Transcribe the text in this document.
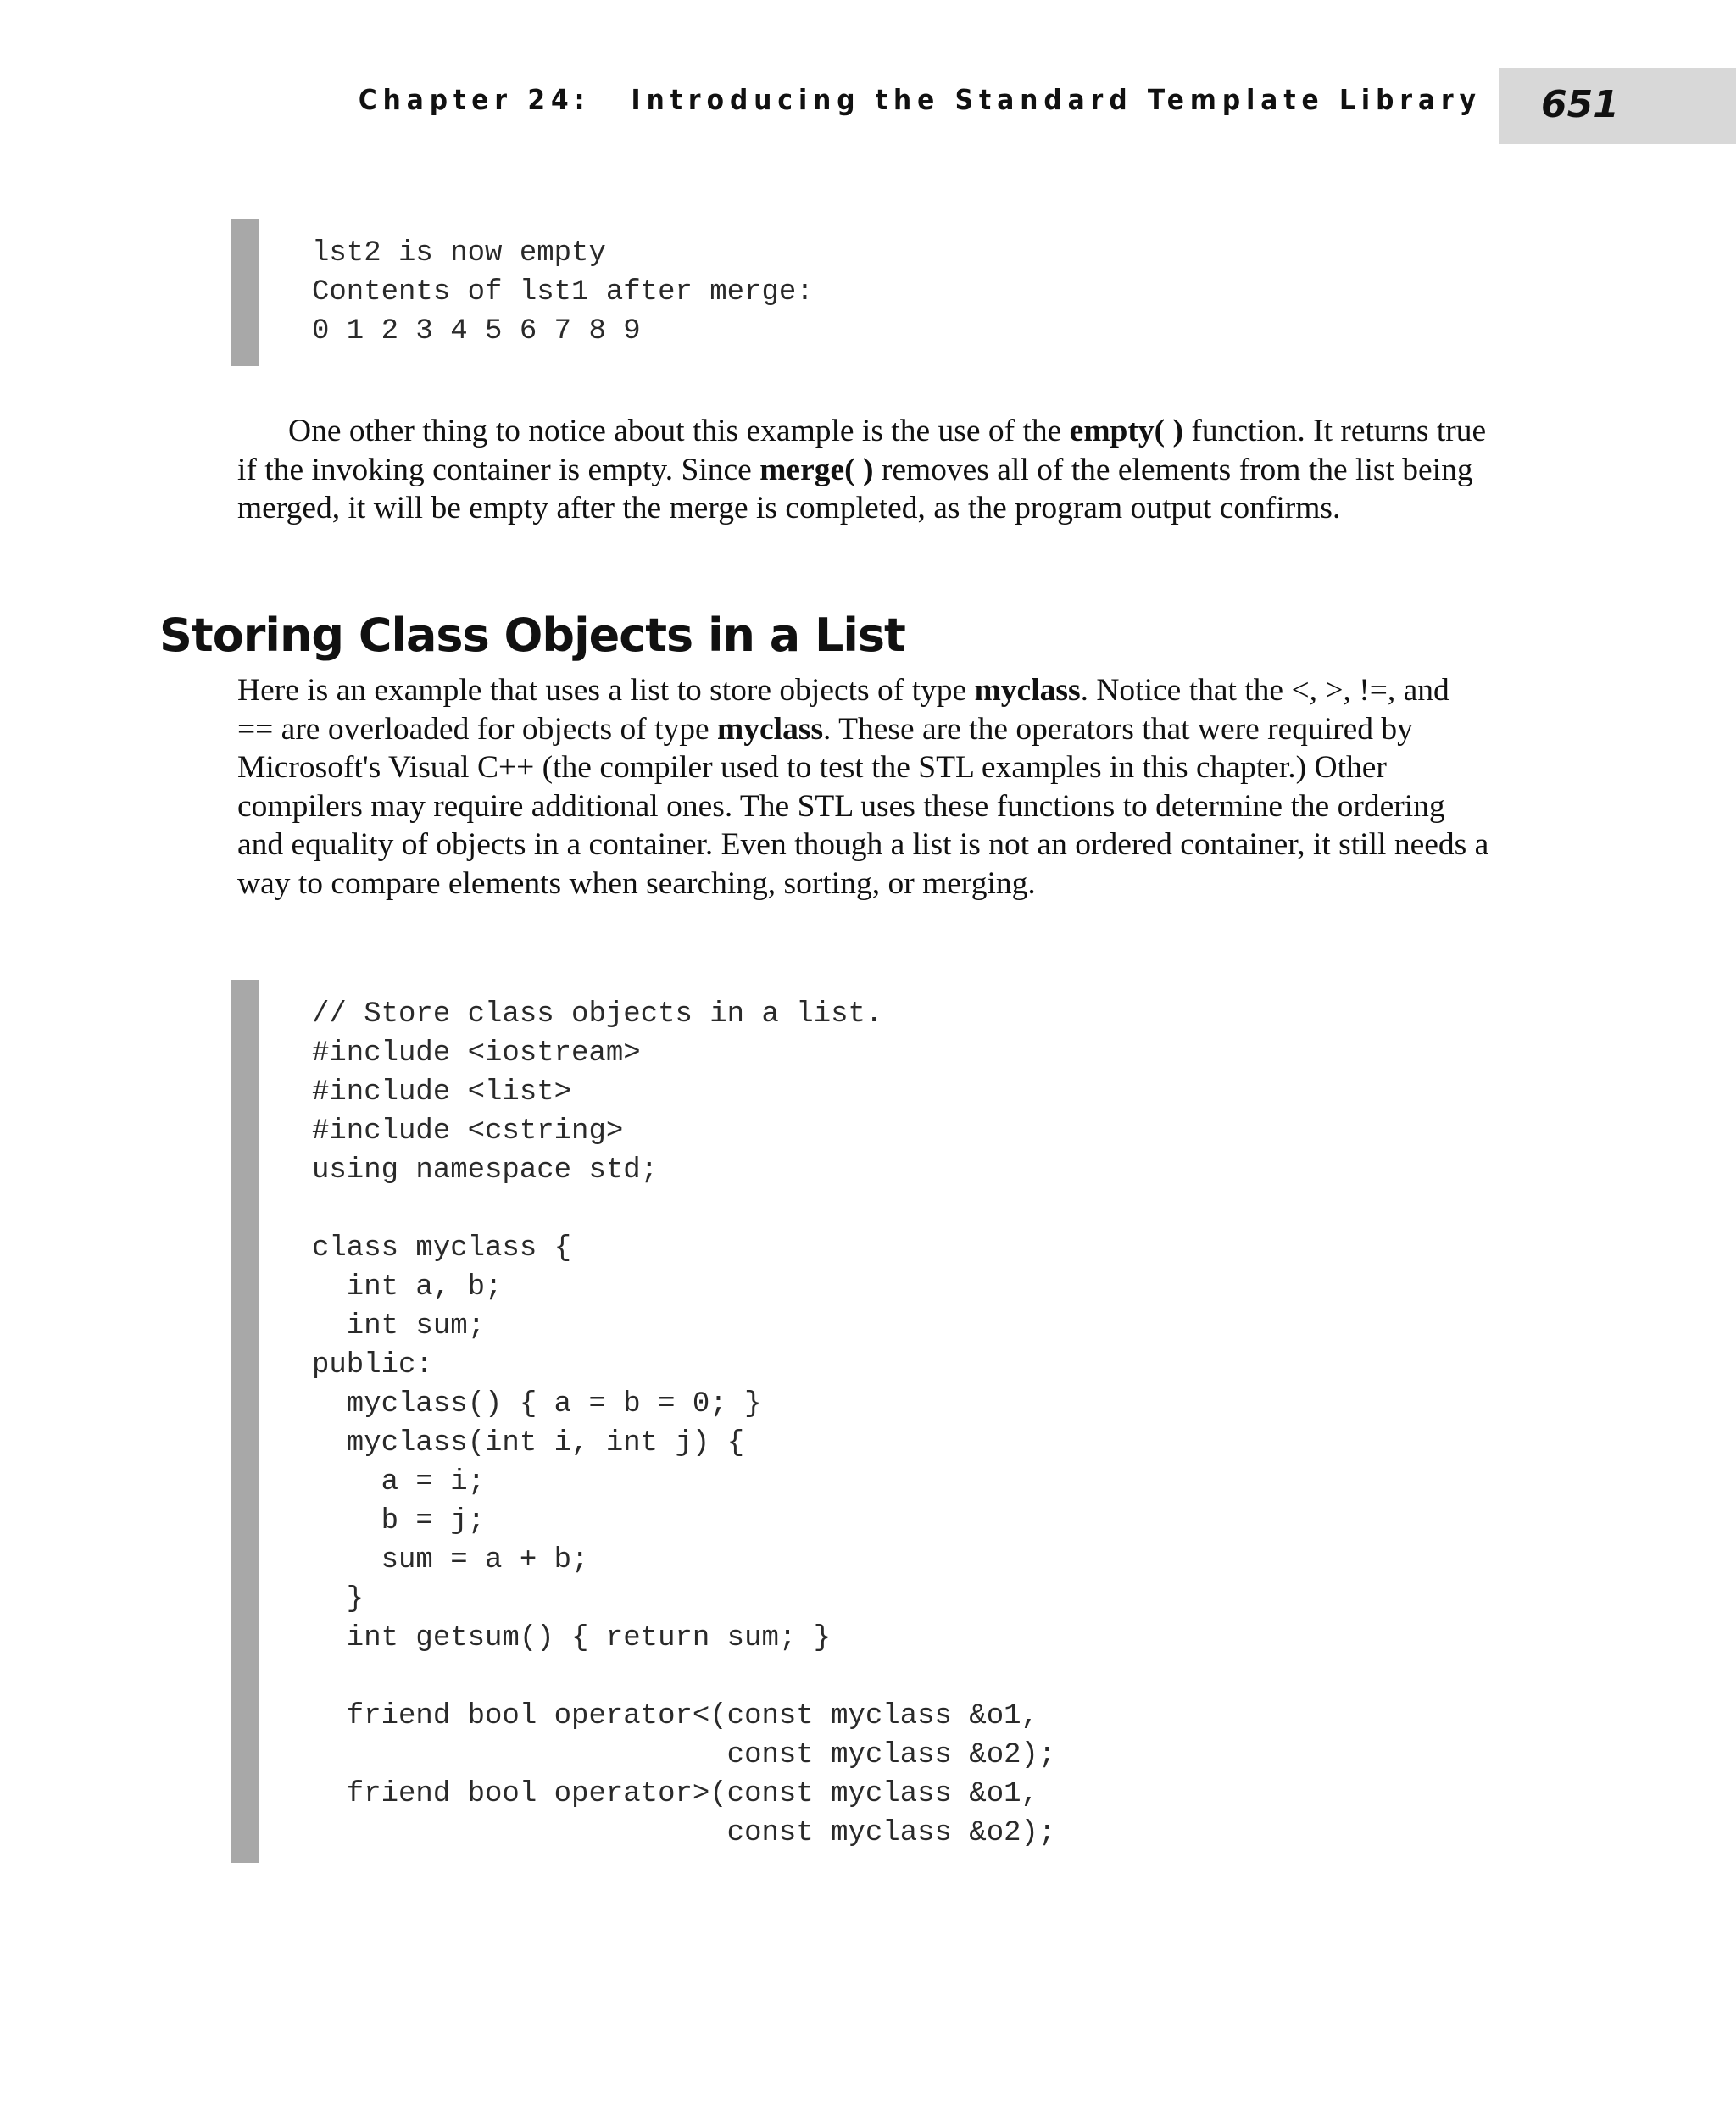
Chapter 24: Introducing the Standard Template Library 651
lst2 is now empty
Contents of lst1 after merge:
0 1 2 3 4 5 6 7 8 9

One other thing to notice about this example is the use of the empty( ) function. It returns true if the invoking container is empty. Since merge( ) removes all of the elements from the list being merged, it will be empty after the merge is completed, as the program output confirms.

Storing Class Objects in a List

Here is an example that uses a list to store objects of type myclass. Notice that the <, >, !=, and == are overloaded for objects of type myclass. These are the operators that were required by Microsoft's Visual C++ (the compiler used to test the STL examples in this chapter.) Other compilers may require additional ones. The STL uses these functions to determine the ordering and equality of objects in a container. Even though a list is not an ordered container, it still needs a way to compare elements when searching, sorting, or merging.

// Store class objects in a list.
#include <iostream>
#include <list>
#include <cstring>
using namespace std;
class myclass {
int a, b;
int sum;
public:
myclass() { a = b = 0; }
myclass(int i, int j) {
a = i;
b = j;
sum = a + b;
}
int getsum() { return sum; }
friend bool operator<(const myclass &o1,
const myclass &o2);
friend bool operator>(const myclass &o1,
const myclass &o2);
